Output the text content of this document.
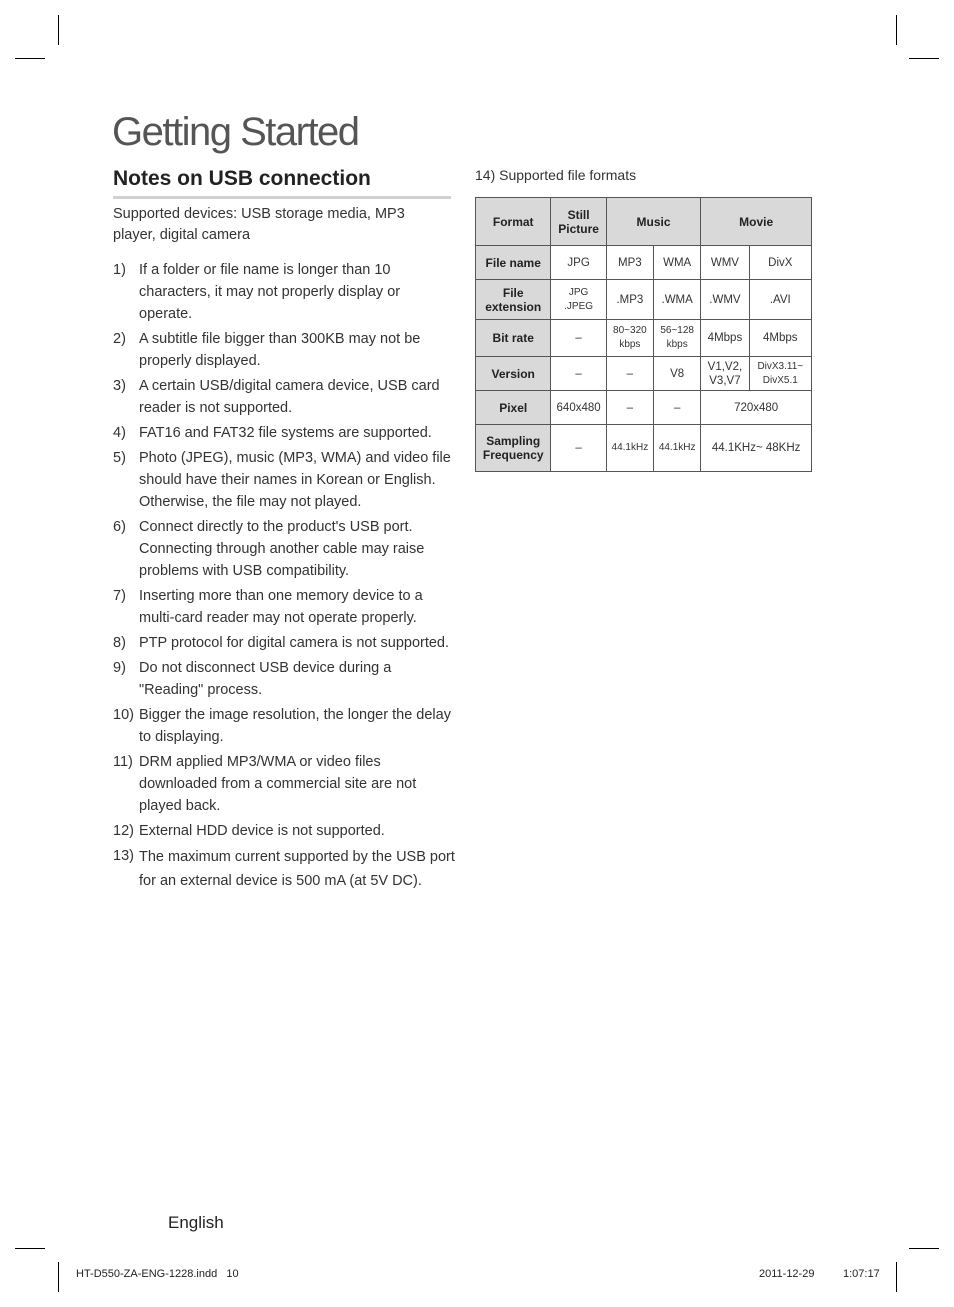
Getting Started
Notes on USB connection

Supported devices: USB storage media, MP3 player, digital camera

1) If a folder or file name is longer than 10 characters, it may not properly display or operate.
2) A subtitle file bigger than 300KB may not be properly displayed.
3) A certain USB/digital camera device, USB card reader is not supported.
4) FAT16 and FAT32 file systems are supported.
5) Photo (JPEG), music (MP3, WMA) and video file should have their names in Korean or English. Otherwise, the file may not played.
6) Connect directly to the product's USB port. Connecting through another cable may raise problems with USB compatibility.
7) Inserting more than one memory device to a multi-card reader may not operate properly.
8) PTP protocol for digital camera is not supported.
9) Do not disconnect USB device during a "Reading" process.
10) Bigger the image resolution, the longer the delay to displaying.
11) DRM applied MP3/WMA or video files downloaded from a commercial site are not played back.
12) External HDD device is not supported.
13) The maximum current supported by the USB port for an external device is 500 mA (at 5V DC).

14) Supported file formats

Format	Still Picture	Music		Movie	
File name	JPG	MP3	WMA	WMV	DivX
File extension	JPG .JPEG	.MP3	.WMA	.WMV	.AVI
Bit rate	–	80~320 kbps	56~128 kbps	4Mbps	4Mbps
Version	–	–	V8	V1,V2, V3,V7	DivX3.11~ DivX5.1
Pixel	640x480	–	–	720x480	
Sampling Frequency	–	44.1kHz	44.1kHz	44.1KHz~ 48KHz	

English

HT-D550-ZA-ENG-1228.indd   10	2011-12-29	1:07:17
